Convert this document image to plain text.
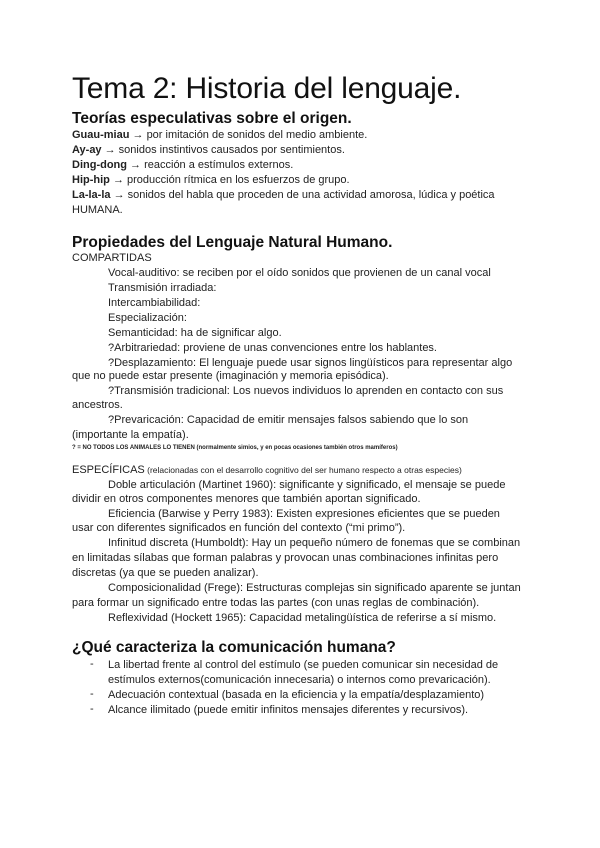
Tema 2: Historia del lenguaje.
Teorías especulativas sobre el origen.
Guau-miau → por imitación de sonidos del medio ambiente.
Ay-ay → sonidos instintivos causados por sentimientos.
Ding-dong → reacción a estímulos externos.
Hip-hip → producción rítmica en los esfuerzos de grupo.
La-la-la → sonidos del habla que proceden de una actividad amorosa, lúdica y poética
HUMANA.
Propiedades del Lenguaje Natural Humano.
COMPARTIDAS
Vocal-auditivo: se reciben por el oído sonidos que provienen de un canal vocal
Transmisión irradiada:
Intercambiabilidad:
Especialización:
Semanticidad: ha de significar algo.
?Arbitrariedad: proviene de unas convenciones entre los hablantes.
?Desplazamiento: El lenguaje puede usar signos lingüísticos para representar algo
que no puede estar presente (imaginación y memoria episódica).
?Transmisión tradicional: Los nuevos individuos lo aprenden en contacto con sus
ancestros.
?Prevaricación: Capacidad de emitir mensajes falsos sabiendo que lo son
(importante la empatía).
? = NO TODOS LOS ANIMALES LO TIENEN (normalmente simios, y en pocas ocasiones también otros mamíferos)
ESPECÍFICAS (relacionadas con el desarrollo cognitivo del ser humano respecto a otras especies)
Doble articulación (Martinet 1960): significante y significado, el mensaje se puede
dividir en otros componentes menores que también aportan significado.
Eficiencia (Barwise y Perry 1983): Existen expresiones eficientes que se pueden
usar con diferentes significados en función del contexto (“mi primo”).
Infinitud discreta (Humboldt): Hay un pequeño número de fonemas que se combinan
en limitadas sílabas que forman palabras y provocan unas combinaciones infinitas pero
discretas (ya que se pueden analizar).
Composicionalidad (Frege): Estructuras complejas sin significado aparente se juntan
para formar un significado entre todas las partes (con unas reglas de combinación).
Reflexividad (Hockett 1965): Capacidad metalingüística de referirse a sí mismo.
¿Qué caracteriza la comunicación humana?
- La libertad frente al control del estímulo (se pueden comunicar sin necesidad de
estímulos externos(comunicación innecesaria) o internos como prevaricación).
- Adecuación contextual (basada en la eficiencia y la empatía/desplazamiento)
- Alcance ilimitado (puede emitir infinitos mensajes diferentes y recursivos).
